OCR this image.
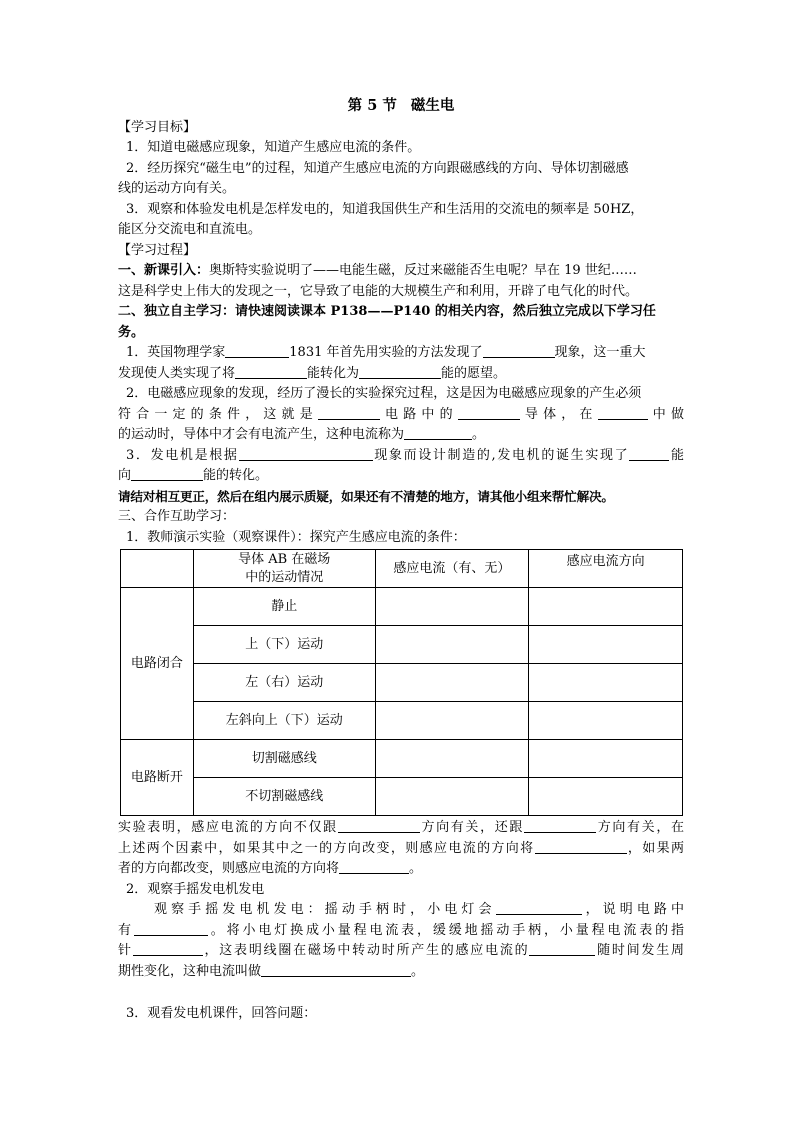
第 5 节 磁生电

【学习目标】

1．知道电磁感应现象，知道产生感应电流的条件。

2．经历探究“磁生电”的过程，知道产生感应电流的方向跟磁感线的方向、导体切割磁感

线的运动方向有关。

3．观察和体验发电机是怎样发电的，知道我国供生产和生活用的交流电的频率是 50HZ，

能区分交流电和直流电。

【学习过程】

一、新课引入：奥斯特实验说明了——电能生磁，反过来磁能否生电呢？早在 19 世纪……

这是科学史上伟大的发现之一，它导致了电能的大规模生产和利用，开辟了电气化的时代。

二、独立自主学习：请快速阅读课本 P138——P140 的相关内容，然后独立完成以下学习任

务。

1．英国物理学家	1831 年首先用实验的方法发现了	现象，这一重大

发现使人类实现了将	能转化为	能的愿望。

2．电磁感应现象的发现，经历了漫长的实验探究过程，这是因为电磁感应现象的产生必须

符合一定的条件，这就是	电路中的	导体，在	中做

的运动时，导体中才会有电流产生，这种电流称为	。

3．发电机是根据	现象而设计制造的,发电机的诞生实现了	能

向	能的转化。

请结对相互更正，然后在组内展示质疑，如果还有不清楚的地方，请其他小组来帮忙解决。

三、合作互助学习：

1．教师演示实验（观察课件）：探究产生感应电流的条件：

	导体 AB 在磁场
中的运动情况	感应电流（有、无）	感应电流方向
电路闭合	静止		
	上（下）运动		
	左（右）运动		
	左斜向上（下）运动		
电路断开	切割磁感线		
	不切割磁感线		

实验表明，感应电流的方向不仅跟	方向有关，还跟	方向有关，在

上述两个因素中，如果其中之一的方向改变，则感应电流的方向将	，如果两

者的方向都改变，则感应电流的方向将	。

2．观察手摇发电机发电

观察手摇发电机发电：摇动手柄时，小电灯会	，说明电路中

有	。将小电灯换成小量程电流表，缓缓地摇动手柄，小量程电流表的指

针	，这表明线圈在磁场中转动时所产生的感应电流的	随时间发生周

期性变化，这种电流叫做	。

3．观看发电机课件，回答问题：
